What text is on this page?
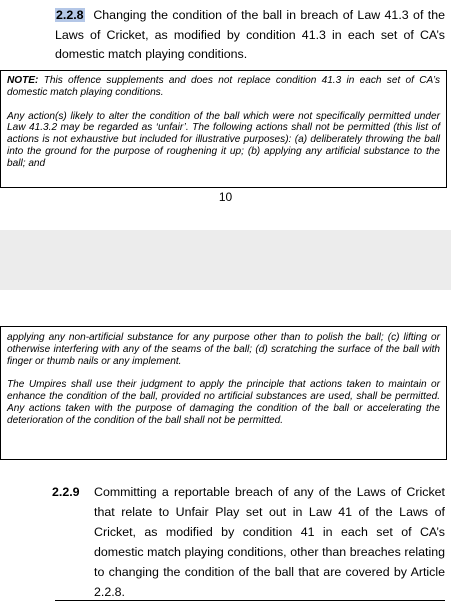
2.2.8 Changing the condition of the ball in breach of Law 41.3 of the Laws of Cricket, as modified by condition 41.3 in each set of CA’s domestic match playing conditions.

NOTE: This offence supplements and does not replace condition 41.3 in each set of CA’s domestic match playing conditions.

Any action(s) likely to alter the condition of the ball which were not specifically permitted under Law 41.3.2 may be regarded as ‘unfair’. The following actions shall not be permitted (this list of actions is not exhaustive but included for illustrative purposes): (a) deliberately throwing the ball into the ground for the purpose of roughening it up; (b) applying any artificial substance to the ball; and

10

applying any non-artificial substance for any purpose other than to polish the ball; (c) lifting or otherwise interfering with any of the seams of the ball; (d) scratching the surface of the ball with finger or thumb nails or any implement.

The Umpires shall use their judgment to apply the principle that actions taken to maintain or enhance the condition of the ball, provided no artificial substances are used, shall be permitted. Any actions taken with the purpose of damaging the condition of the ball or accelerating the deterioration of the condition of the ball shall not be permitted.

2.2.9	Committing a reportable breach of any of the Laws of Cricket that relate to Unfair Play set out in Law 41 of the Laws of Cricket, as modified by condition 41 in each set of CA’s domestic match playing conditions, other than breaches relating to changing the condition of the ball that are covered by Article 2.2.8.
